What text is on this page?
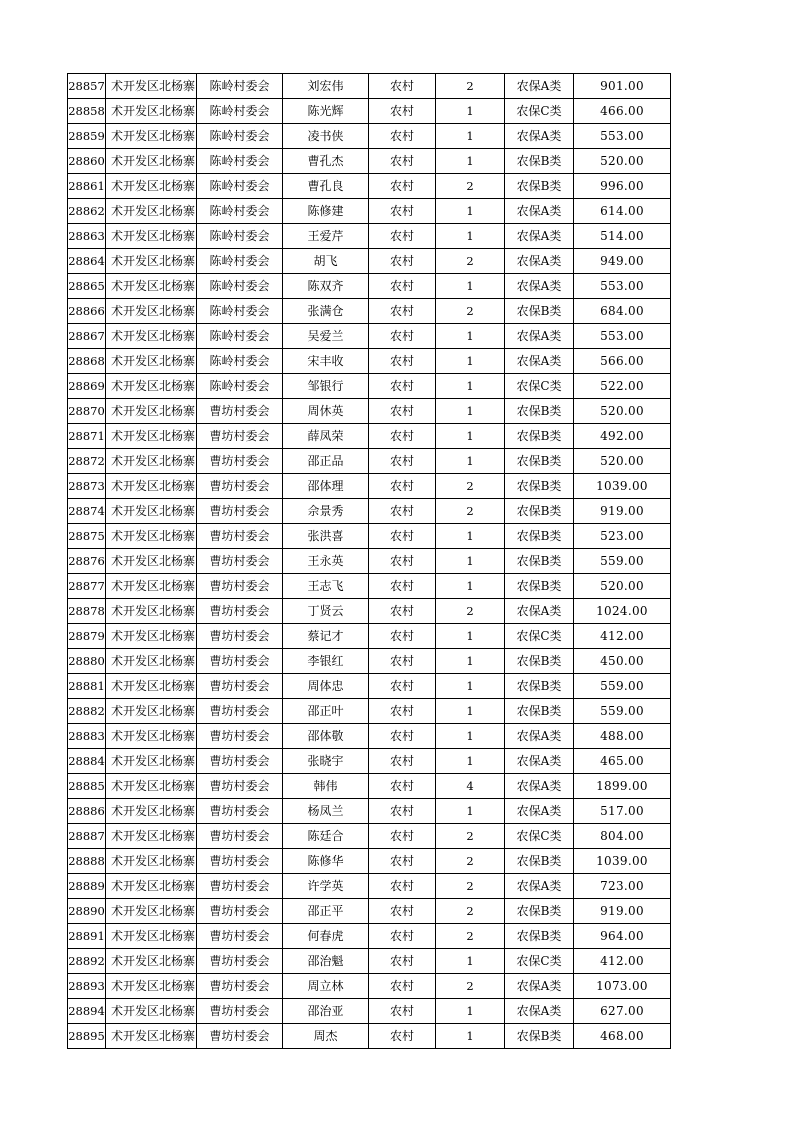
28857	术开发区北杨寨	陈岭村委会	刘宏伟	农村	2	农保A类	901.00
28858	术开发区北杨寨	陈岭村委会	陈光辉	农村	1	农保C类	466.00
28859	术开发区北杨寨	陈岭村委会	凌书侠	农村	1	农保A类	553.00
28860	术开发区北杨寨	陈岭村委会	曹孔杰	农村	1	农保B类	520.00
28861	术开发区北杨寨	陈岭村委会	曹孔良	农村	2	农保B类	996.00
28862	术开发区北杨寨	陈岭村委会	陈修建	农村	1	农保A类	614.00
28863	术开发区北杨寨	陈岭村委会	王爱芹	农村	1	农保A类	514.00
28864	术开发区北杨寨	陈岭村委会	胡飞	农村	2	农保A类	949.00
28865	术开发区北杨寨	陈岭村委会	陈双齐	农村	1	农保A类	553.00
28866	术开发区北杨寨	陈岭村委会	张满仓	农村	2	农保B类	684.00
28867	术开发区北杨寨	陈岭村委会	吴爱兰	农村	1	农保A类	553.00
28868	术开发区北杨寨	陈岭村委会	宋丰收	农村	1	农保A类	566.00
28869	术开发区北杨寨	陈岭村委会	邹银行	农村	1	农保C类	522.00
28870	术开发区北杨寨	曹坊村委会	周休英	农村	1	农保B类	520.00
28871	术开发区北杨寨	曹坊村委会	薛凤荣	农村	1	农保B类	492.00
28872	术开发区北杨寨	曹坊村委会	邵正品	农村	1	农保B类	520.00
28873	术开发区北杨寨	曹坊村委会	邵体理	农村	2	农保B类	1039.00
28874	术开发区北杨寨	曹坊村委会	佘景秀	农村	2	农保B类	919.00
28875	术开发区北杨寨	曹坊村委会	张洪喜	农村	1	农保B类	523.00
28876	术开发区北杨寨	曹坊村委会	王永英	农村	1	农保B类	559.00
28877	术开发区北杨寨	曹坊村委会	王志飞	农村	1	农保B类	520.00
28878	术开发区北杨寨	曹坊村委会	丁贤云	农村	2	农保A类	1024.00
28879	术开发区北杨寨	曹坊村委会	蔡记才	农村	1	农保C类	412.00
28880	术开发区北杨寨	曹坊村委会	李银红	农村	1	农保B类	450.00
28881	术开发区北杨寨	曹坊村委会	周体忠	农村	1	农保B类	559.00
28882	术开发区北杨寨	曹坊村委会	邵正叶	农村	1	农保B类	559.00
28883	术开发区北杨寨	曹坊村委会	邵体敬	农村	1	农保A类	488.00
28884	术开发区北杨寨	曹坊村委会	张晓宇	农村	1	农保A类	465.00
28885	术开发区北杨寨	曹坊村委会	韩伟	农村	4	农保A类	1899.00
28886	术开发区北杨寨	曹坊村委会	杨凤兰	农村	1	农保A类	517.00
28887	术开发区北杨寨	曹坊村委会	陈廷合	农村	2	农保C类	804.00
28888	术开发区北杨寨	曹坊村委会	陈修华	农村	2	农保B类	1039.00
28889	术开发区北杨寨	曹坊村委会	许学英	农村	2	农保A类	723.00
28890	术开发区北杨寨	曹坊村委会	邵正平	农村	2	农保B类	919.00
28891	术开发区北杨寨	曹坊村委会	何春虎	农村	2	农保B类	964.00
28892	术开发区北杨寨	曹坊村委会	邵治魁	农村	1	农保C类	412.00
28893	术开发区北杨寨	曹坊村委会	周立林	农村	2	农保A类	1073.00
28894	术开发区北杨寨	曹坊村委会	邵治亚	农村	1	农保A类	627.00
28895	术开发区北杨寨	曹坊村委会	周杰	农村	1	农保B类	468.00
